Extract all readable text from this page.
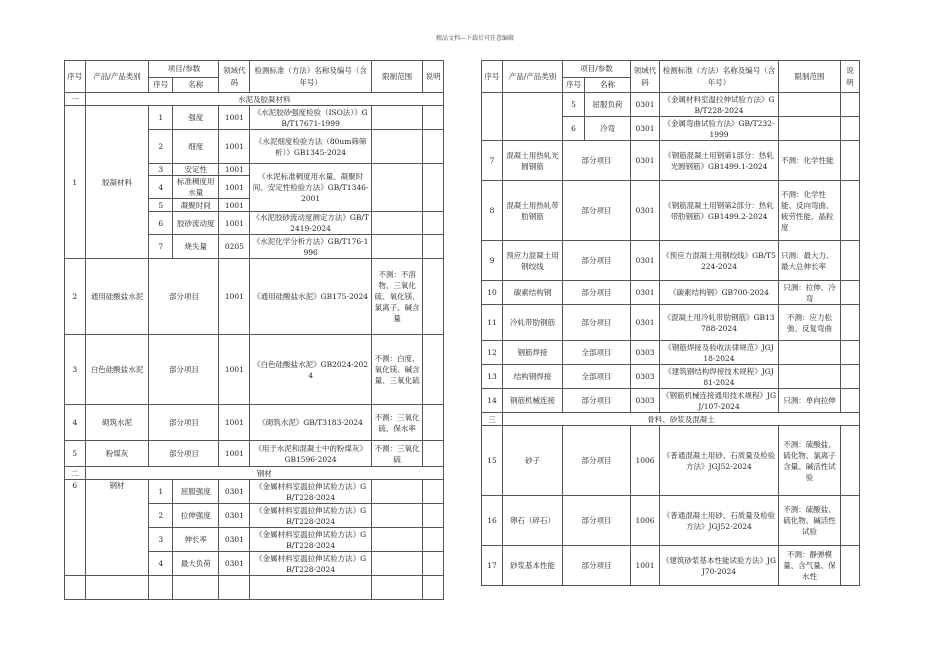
精品文档---下载后可任意编辑
序号	产品/产品类别	项目/参数		领域代码	检测标准（方法）名称及编号（含年号）	限制范围	说明
		序号	名称				
一	水泥及胶凝材料						
1	胶凝材料	1	强度	1001	《水泥胶砂强度检验（ISO法）》GB/T17671-1999		
		2	细度	1001	《水泥细度检验方法（80um筛筛析）》GB1345-2024		
		3	安定性	1001	《水泥标准稠度用水量、凝聚时间、安定性检验方法》GB/T1346-2001		
		4	标准稠度用水量	1001			
		5	凝聚时间	1001			
		6	胶砂流动度	1001	《水泥胶砂流动度测定方法》GB/T2419-2024		
		7	烧失量	0205	《水泥化学分析方法》GB/T176-1996		
2	通用硅酸盐水泥	部分项目		1001	《通用硅酸盐水泥》GB175-2024	不测：不溶物、三氧化硫、氧化镁、氯离子、碱含量	
3	白色硅酸盐水泥	部分项目		1001	《白色硅酸盐水泥》GB2024-2024	不测：白度、氧化镁、碱含量、三氧化硫	
4	砌筑水泥	部分项目		1001	《砌筑水泥》GB/T3183-2024	不测：三氧化硫、保水率	
5	粉煤灰	部分项目		1001	《用于水泥和混凝土中的粉煤灰》GB1596-2024	不测：三氧化硫	
二	钢材						
6	钢材	1	屈服强度	0301	《金属材料室温拉伸试验方法》GB/T228-2024		
		2	拉伸强度	0301	《金属材料室温拉伸试验方法》GB/T228-2024		
		3	伸长率	0301	《金属材料室温拉伸试验方法》GB/T228-2024		
		4	最大负荷	0301	《金属材料室温拉伸试验方法》GB/T228-2024		

序号	产品/产品类别	项目/参数		领域代码	检测标准（方法）名称及编号（含年号）	限制范围	说明
		序号	名称				
		5	屈服负荷	0301	《金属材料室温拉伸试验方法》GB/T228-2024		
		6	冷弯	0301	《金属弯曲试验方法》GB/T232-1999		
7	混凝土用热轧光圆钢筋	部分项目		0301	《钢筋混凝土用钢第1部分：热轧光圆钢筋》GB1499.1-2024	不测：化学性能	
8	混凝土用热轧带肋钢筋	部分项目		0301	《钢筋混凝土用钢第2部分：热轧带肋钢筋》GB1499.2-2024	不测：化学性能、反向弯曲、疲劳性能、晶粒度	
9	预应力混凝土用钢绞线	部分项目		0301	《预应力混凝土用钢绞线》GB/T5224-2024	只测：最大力、最大总伸长率	
10	碳素结构钢	部分项目		0301	《碳素结构钢》GB700-2024	只测：拉伸、冷弯	
11	冷轧带肋钢筋	部分项目		0301	《混凝土用冷轧带肋钢筋》GB13788-2024	不测：应力松弛、反复弯曲	
12	钢筋焊接	全部项目		0303	《钢筋焊接及验收法律规范》JGJ18-2024		
13	结构钢焊接	全部项目		0303	《建筑钢结构焊接技术规程》JGJ81-2024		
14	钢筋机械连接	部分项目		0303	《钢筋机械连接通用技术规程》JGJ/107-2024	只测：单向拉伸	
三	骨料、砂浆及混凝土						
15	砂子	部分项目		1006	《普通混凝土用砂、石质量及检验方法》JGJ52-2024	不测：硫酸盐、硫化物、氯离子含量、碱活性试验	
16	卵石（碎石）	部分项目		1006	《普通混凝土用砂、石质量及检验方法》JGJ52-2024	不测：硫酸盐、硫化物、碱活性试验	
17	砂浆基本性能	部分项目		1001	《建筑砂浆基本性能试验方法》JGJ70-2024	不测：静弹模量、含气量、保水性	
